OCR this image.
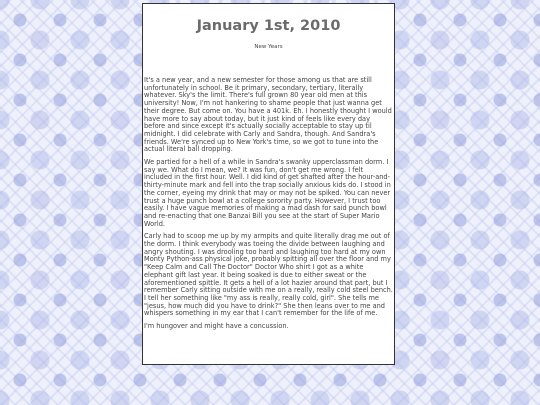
January 1st, 2010
New Years

It's a new year, and a new semester for those among us that are still unfortunately in school. Be it primary, secondary, tertiary, literally whatever. Sky's the limit. There's full grown 80 year old men at this university! Now, I'm not hankering to shame people that just wanna get their degree. But come on. You have a 401k. Eh. I honestly thought I would have more to say about today, but it just kind of feels like every day before and since except it's actually socially acceptable to stay up til midnight. I did celebrate with Carly and Sandra, though. And Sandra's friends. We're synced up to New York's time, so we got to tune into the actual literal ball dropping.

We partied for a hell of a while in Sandra's swanky upperclassman dorm. I say we. What do I mean, we? It was fun, don't get me wrong. I felt included in the first hour. Well. I did kind of get shafted after the hour-and-thirty-minute mark and fell into the trap socially anxious kids do. I stood in the corner, eyeing my drink that may or may not be spiked. You can never trust a huge punch bowl at a college sorority party. However, I trust too easily. I have vague memories of making a mad dash for said punch bowl and re-enacting that one Banzai Bill you see at the start of Super Mario World.

Carly had to scoop me up by my armpits and quite literally drag me out of the dorm. I think everybody was toeing the divide between laughing and angry shouting. I was drooling too hard and laughing too hard at my own Monty Python-ass physical joke, probably spitting all over the floor and my "Keep Calm and Call The Doctor" Doctor Who shirt I got as a white elephant gift last year. It being soaked is due to either sweat or the aforementioned spittle. It gets a hell of a lot hazier around that part, but I remember Carly sitting outside with me on a really, really cold steel bench. I tell her something like "my ass is really, really cold, girl". She tells me "jesus, how much did you have to drink?" She then leans over to me and whispers something in my ear that I can't remember for the life of me.

I'm hungover and might have a concussion.
